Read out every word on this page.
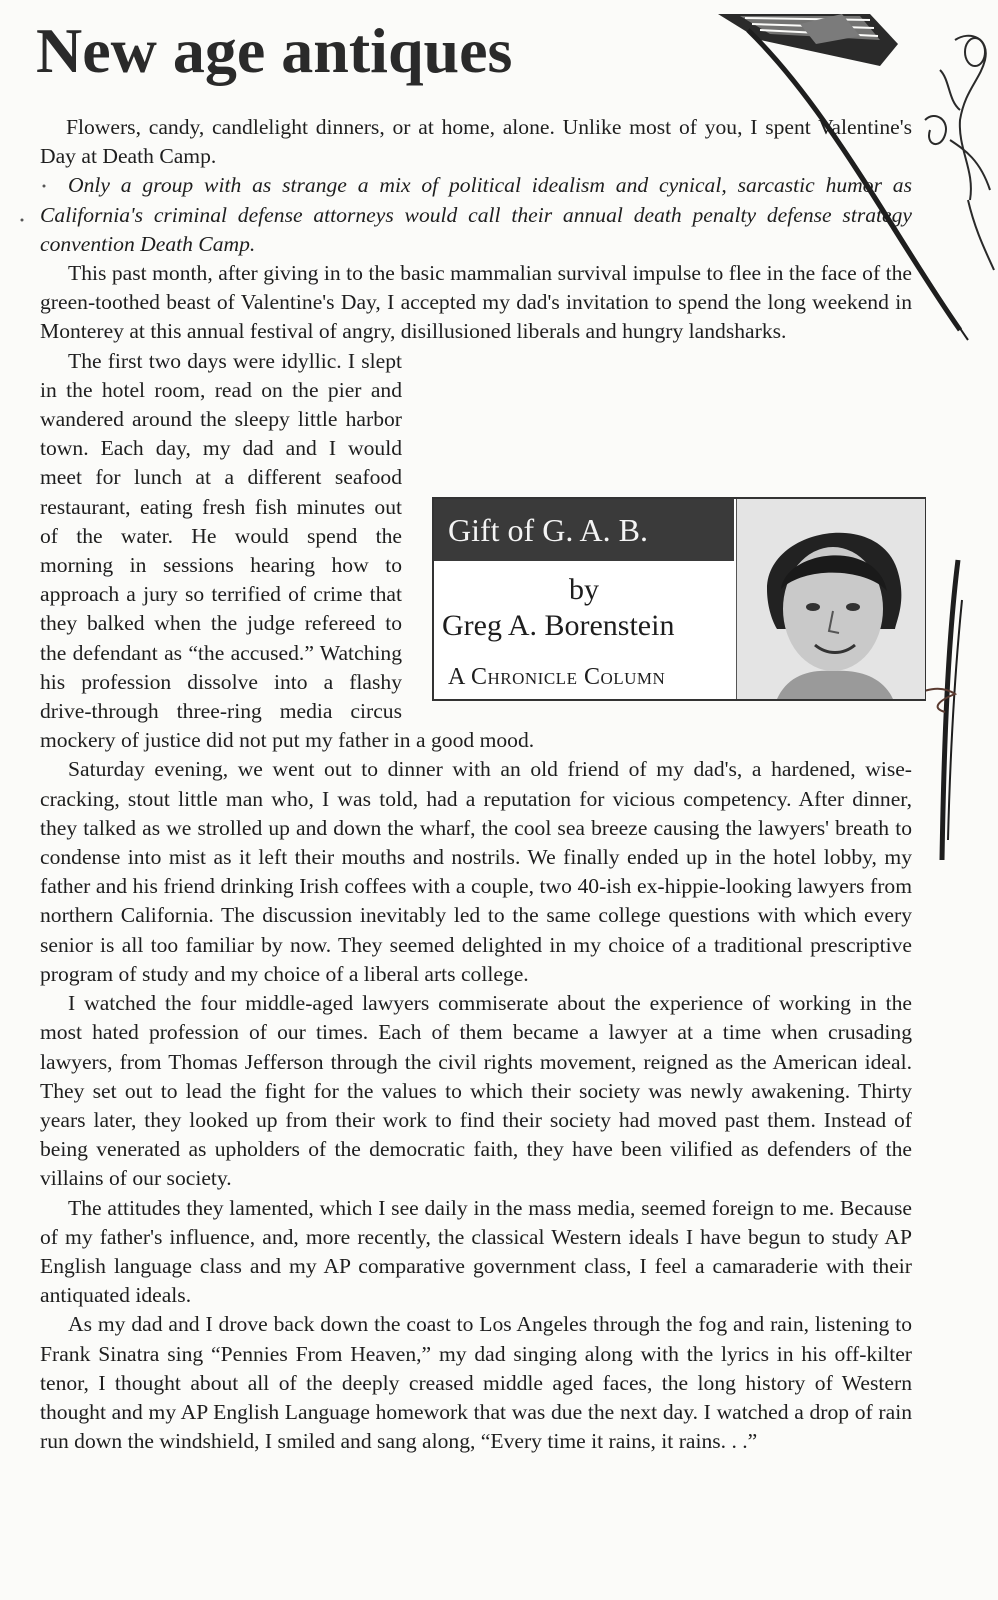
New age antiques

Flowers, candy, candlelight dinners, or at home, alone. Unlike most of you, I spent Valentine's Day at Death Camp.

Only a group with as strange a mix of political idealism and cynical, sarcastic humor as California's criminal defense attorneys would call their annual death penalty defense strategy convention Death Camp.

This past month, after giving in to the basic mammalian survival impulse to flee in the face of the green-toothed beast of Valentine's Day, I accepted my dad's invitation to spend the long weekend in Monterey at this annual festival of angry, disillusioned liberals and hungry landsharks.

Gift of G. A. B.
by
Greg A. Borenstein
A Chronicle Column

The first two days were idyllic. I slept in the hotel room, read on the pier and wandered around the sleepy little harbor town. Each day, my dad and I would meet for lunch at a different seafood restaurant, eating fresh fish minutes out of the water. He would spend the morning in sessions hearing how to approach a jury so terrified of crime that they balked when the judge refereed to the defendant as “the accused.” Watching his profession dissolve into a flashy drive-through three-ring media circus mockery of justice did not put my father in a good mood.

Saturday evening, we went out to dinner with an old friend of my dad's, a hardened, wise-cracking, stout little man who, I was told, had a reputation for vicious competency. After dinner, they talked as we strolled up and down the wharf, the cool sea breeze causing the lawyers' breath to condense into mist as it left their mouths and nostrils. We finally ended up in the hotel lobby, my father and his friend drinking Irish coffees with a couple, two 40-ish ex-hippie-looking lawyers from northern California. The discussion inevitably led to the same college questions with which every senior is all too familiar by now. They seemed delighted in my choice of a traditional prescriptive program of study and my choice of a liberal arts college.

I watched the four middle-aged lawyers commiserate about the experience of working in the most hated profession of our times. Each of them became a lawyer at a time when crusading lawyers, from Thomas Jefferson through the civil rights movement, reigned as the American ideal. They set out to lead the fight for the values to which their society was newly awakening. Thirty years later, they looked up from their work to find their society had moved past them. Instead of being venerated as upholders of the democratic faith, they have been vilified as defenders of the villains of our society.

The attitudes they lamented, which I see daily in the mass media, seemed foreign to me. Because of my father's influence, and, more recently, the classical Western ideals I have begun to study AP English language class and my AP comparative government class, I feel a camaraderie with their antiquated ideals.

As my dad and I drove back down the coast to Los Angeles through the fog and rain, listening to Frank Sinatra sing “Pennies From Heaven,” my dad singing along with the lyrics in his off-kilter tenor, I thought about all of the deeply creased middle aged faces, the long history of Western thought and my AP English Language homework that was due the next day. I watched a drop of rain run down the windshield, I smiled and sang along, “Every time it rains, it rains. . .”
